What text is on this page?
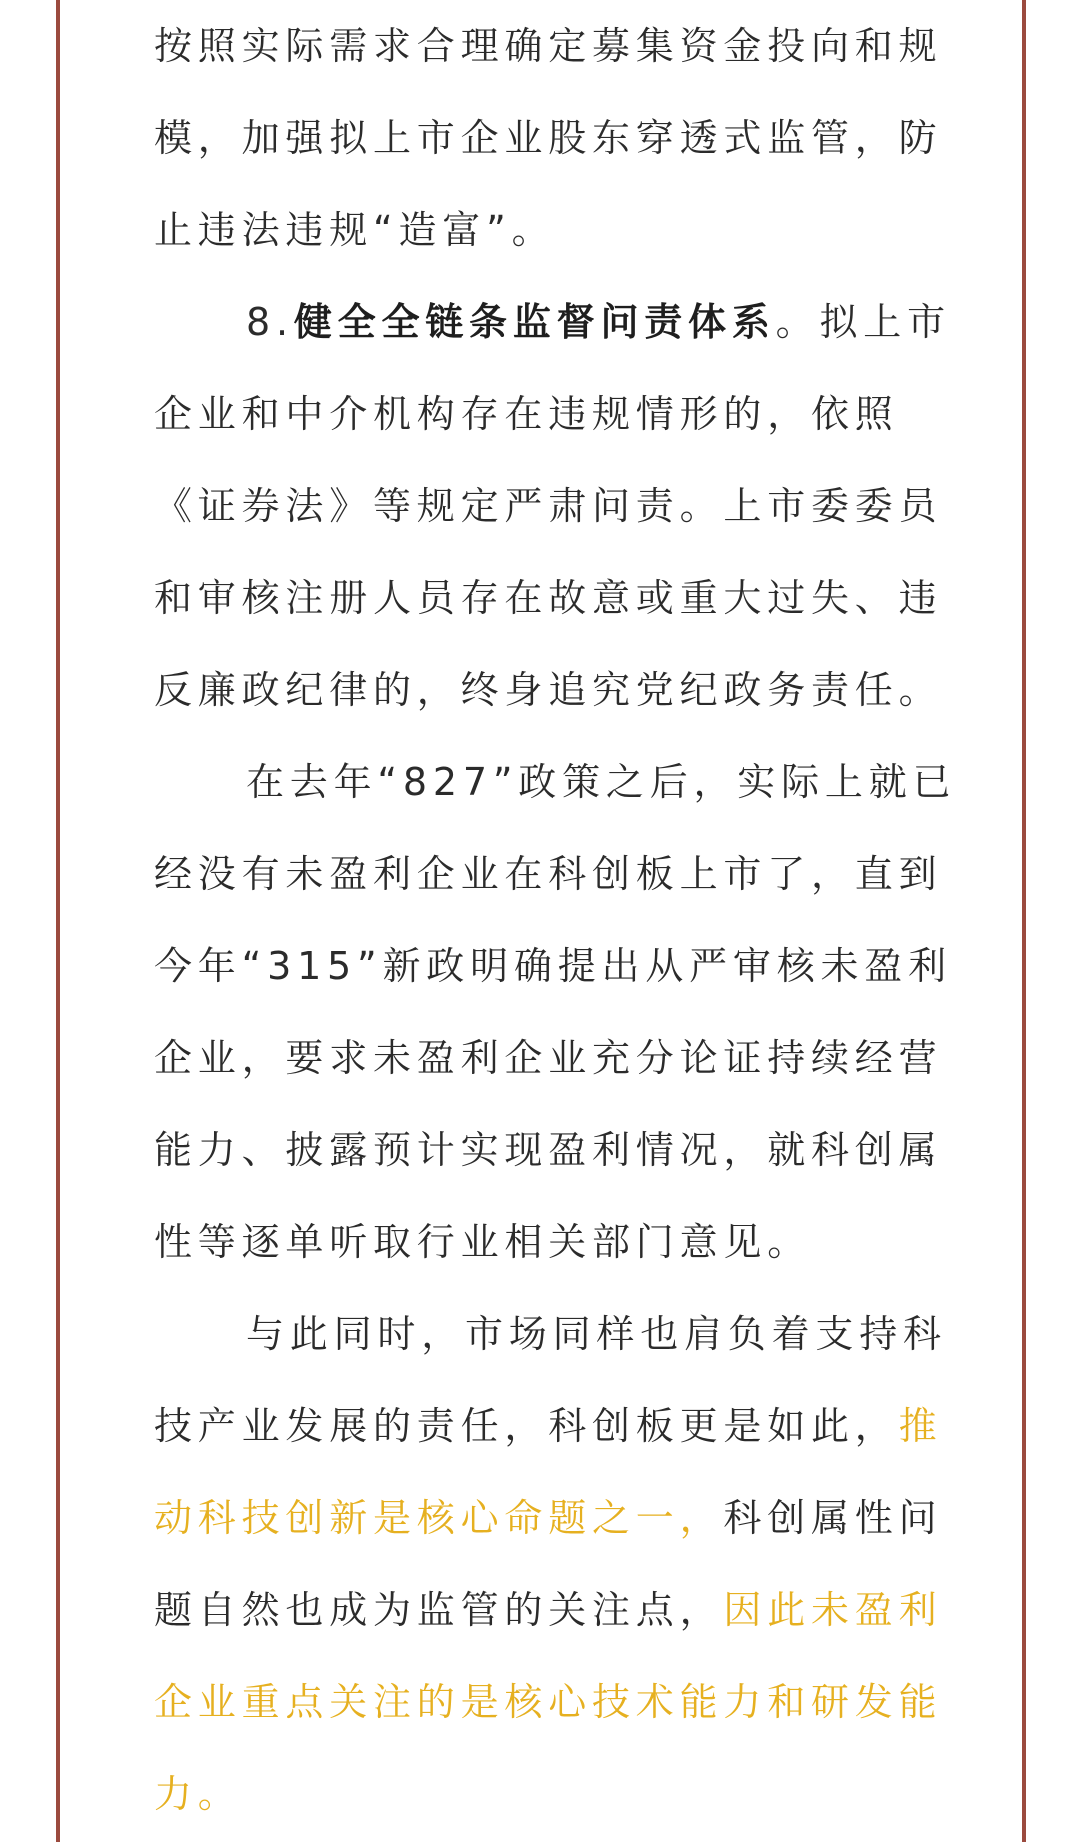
按照实际需求合理确定募集资金投向和规
模，加强拟上市企业股东穿透式监管，防
止违法违规“造富”。
8.健全全链条监督问责体系。拟上市
企业和中介机构存在违规情形的，依照
《证券法》等规定严肃问责。上市委委员
和审核注册人员存在故意或重大过失、违
反廉政纪律的，终身追究党纪政务责任。
在去年“827”政策之后，实际上就已
经没有未盈利企业在科创板上市了，直到
今年“315”新政明确提出从严审核未盈利
企业，要求未盈利企业充分论证持续经营
能力、披露预计实现盈利情况，就科创属
性等逐单听取行业相关部门意见。
与此同时，市场同样也肩负着支持科
技产业发展的责任，科创板更是如此，推
动科技创新是核心命题之一，科创属性问
题自然也成为监管的关注点，因此未盈利
企业重点关注的是核心技术能力和研发能
力。
